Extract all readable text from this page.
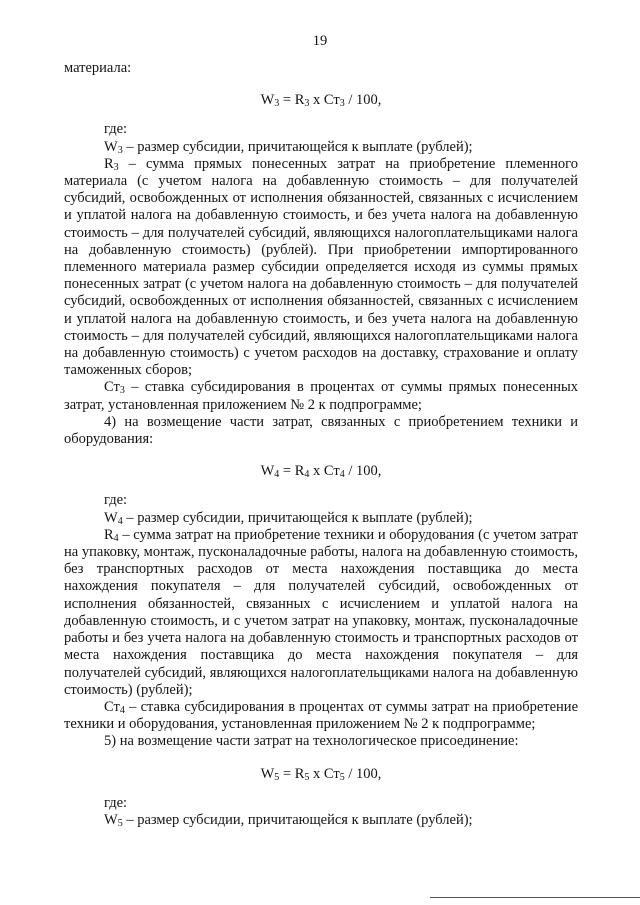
19

материала:

$W_3 = R_3$ x $Ст_3 / 100$,

где:

$W_3$ – размер субсидии, причитающейся к выплате (рублей);

$R_3$ – сумма прямых понесенных затрат на приобретение племенного материала (с учетом налога на добавленную стоимость – для получателей субсидий, освобожденных от исполнения обязанностей, связанных с исчислением и уплатой налога на добавленную стоимость, и без учета налога на добавленную стоимость – для получателей субсидий, являющихся налогоплательщиками налога на добавленную стоимость) (рублей). При приобретении импортированного племенного материала размер субсидии определяется исходя из суммы прямых понесенных затрат (с учетом налога на добавленную стоимость – для получателей субсидий, освобожденных от исполнения обязанностей, связанных с исчислением и уплатой налога на добавленную стоимость, и без учета налога на добавленную стоимость – для получателей субсидий, являющихся налогоплательщиками налога на добавленную стоимость) с учетом расходов на доставку, страхование и оплату таможенных сборов;

$Ст_3$ – ставка субсидирования в процентах от суммы прямых понесенных затрат, установленная приложением № 2 к подпрограмме;

4) на возмещение части затрат, связанных с приобретением техники и оборудования:

$W_4 = R_4$ x $Ст_4 / 100$,

где:

$W_4$ – размер субсидии, причитающейся к выплате (рублей);

$R_4$ – сумма затрат на приобретение техники и оборудования (с учетом затрат на упаковку, монтаж, пусконаладочные работы, налога на добавленную стоимость, без транспортных расходов от места нахождения поставщика до места нахождения покупателя – для получателей субсидий, освобожденных от исполнения обязанностей, связанных с исчислением и уплатой налога на добавленную стоимость, и с учетом затрат на упаковку, монтаж, пусконаладочные работы и без учета налога на добавленную стоимость и транспортных расходов от места нахождения поставщика до места нахождения покупателя – для получателей субсидий, являющихся налогоплательщиками налога на добавленную стоимость) (рублей);

$Ст_4$ – ставка субсидирования в процентах от суммы затрат на приобретение техники и оборудования, установленная приложением № 2 к подпрограмме;

5) на возмещение части затрат на технологическое присоединение:

$W_5 = R_5$ x $Ст_5 / 100$,

где:

$W_5$ – размер субсидии, причитающейся к выплате (рублей);
